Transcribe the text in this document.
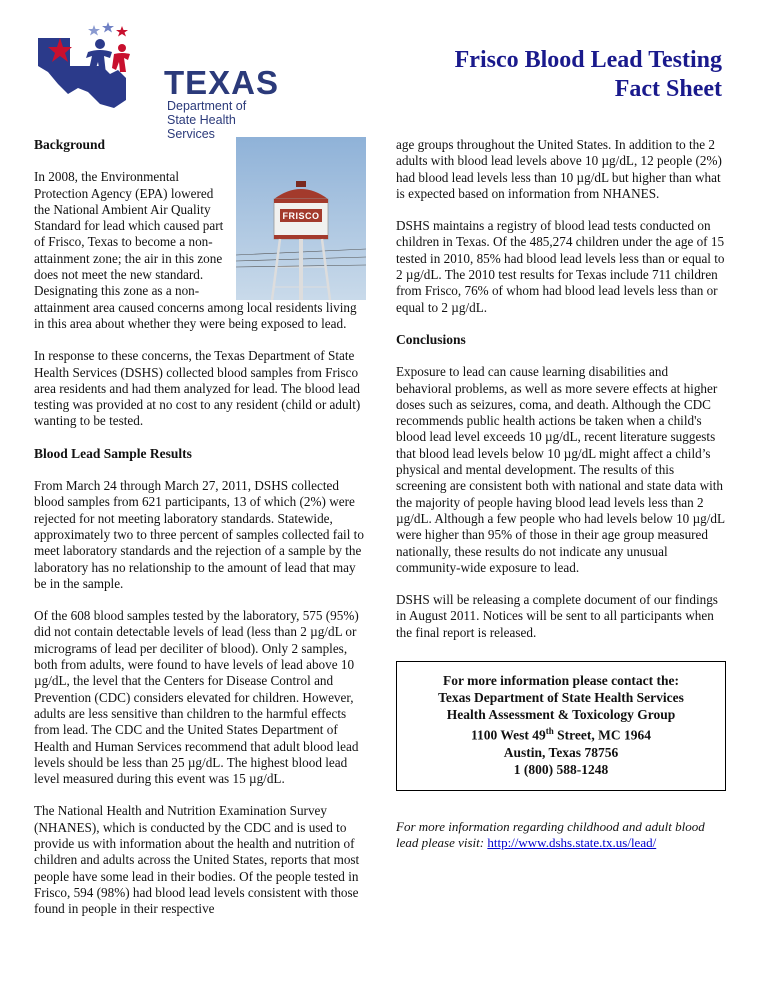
TEXAS
Department of
State Health Services
Frisco Blood Lead Testing
Fact Sheet
FRISCO
Background

In 2008, the Environmental Protection Agency (EPA) lowered the National Ambient Air Quality Standard for lead which caused part of Frisco, Texas to become a non-attainment zone; the air in this zone does not meet the new standard. Designating this zone as a non-attainment area caused concerns among local residents living in this area about whether they were being exposed to lead.

In response to these concerns, the Texas Department of State Health Services (DSHS) collected blood samples from Frisco area residents and had them analyzed for lead. The blood lead testing was provided at no cost to any resident (child or adult) wanting to be tested.

Blood Lead Sample Results

From March 24 through March 27, 2011, DSHS collected blood samples from 621 participants, 13 of which (2%) were rejected for not meeting laboratory standards. Statewide, approximately two to three percent of samples collected fail to meet laboratory standards and the rejection of a sample by the laboratory has no relationship to the amount of lead that may be in the sample.

Of the 608 blood samples tested by the laboratory, 575 (95%) did not contain detectable levels of lead (less than 2 µg/dL or micrograms of lead per deciliter of blood). Only 2 samples, both from adults, were found to have levels of lead above 10 µg/dL, the level that the Centers for Disease Control and Prevention (CDC) considers elevated for children. However, adults are less sensitive than children to the harmful effects from lead. The CDC and the United States Department of Health and Human Services recommend that adult blood lead levels should be less than 25 µg/dL. The highest blood lead level measured during this event was 15 µg/dL.

The National Health and Nutrition Examination Survey (NHANES), which is conducted by the CDC and is used to provide us with information about the health and nutrition of children and adults across the United States, reports that most people have some lead in their bodies. Of the people tested in Frisco, 594 (98%) had blood lead levels consistent with those found in people in their respective

age groups throughout the United States. In addition to the 2 adults with blood lead levels above 10 µg/dL, 12 people (2%) had blood lead levels less than 10 µg/dL but higher than what is expected based on information from NHANES.

DSHS maintains a registry of blood lead tests conducted on children in Texas. Of the 485,274 children under the age of 15 tested in 2010, 85% had blood lead levels less than or equal to 2 µg/dL. The 2010 test results for Texas include 711 children from Frisco, 76% of whom had blood lead levels less than or equal to 2 µg/dL.

Conclusions

Exposure to lead can cause learning disabilities and behavioral problems, as well as more severe effects at higher doses such as seizures, coma, and death. Although the CDC recommends public health actions be taken when a child's blood lead level exceeds 10 µg/dL, recent literature suggests that blood lead levels below 10 µg/dL might affect a child’s physical and mental development. The results of this screening are consistent both with national and state data with the majority of people having blood lead levels less than 2 µg/dL. Although a few people who had levels below 10 µg/dL were higher than 95% of those in their age group measured nationally, these results do not indicate any unusual community-wide exposure to lead.

DSHS will be releasing a complete document of our findings in August 2011. Notices will be sent to all participants when the final report is released.

For more information please contact the:
Texas Department of State Health Services
Health Assessment & Toxicology Group
1100 West 49th Street, MC 1964
Austin, Texas 78756
1 (800) 588-1248
For more information regarding childhood and adult blood lead please visit: http://www.dshs.state.tx.us/lead/
